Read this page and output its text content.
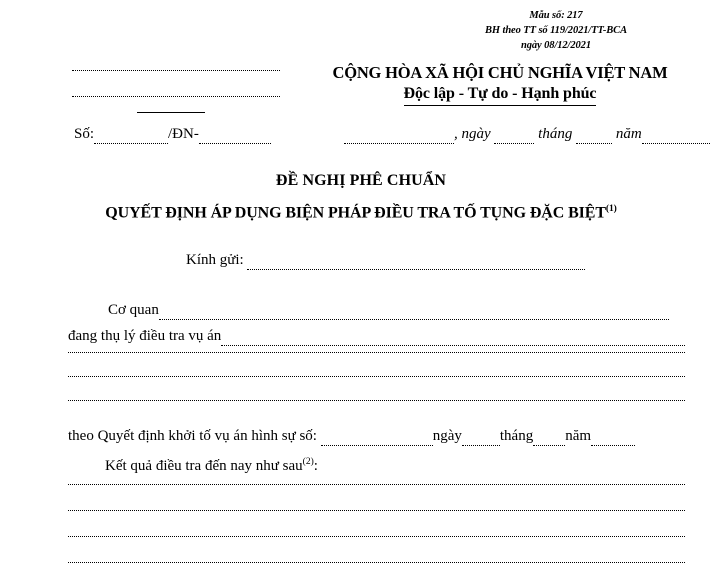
Mẫu số: 217
BH theo TT số 119/2021/TT-BCA
ngày 08/12/2021
CỘNG HÒA XÃ HỘI CHỦ NGHĨA VIỆT NAM
Độc lập - Tự do - Hạnh phúc
Số:	/ĐN-	, ngày	tháng	năm
ĐỀ NGHỊ PHÊ CHUẨN
QUYẾT ĐỊNH ÁP DỤNG BIỆN PHÁP ĐIỀU TRA TỐ TỤNG ĐẶC BIỆT$^{(1)}$
Kính gửi:
Cơ quan
đang thụ lý điều tra vụ án
theo Quyết định khởi tố vụ án hình sự số:	ngày	tháng năm
Kết quả điều tra đến nay như sau$^{(2)}$:
